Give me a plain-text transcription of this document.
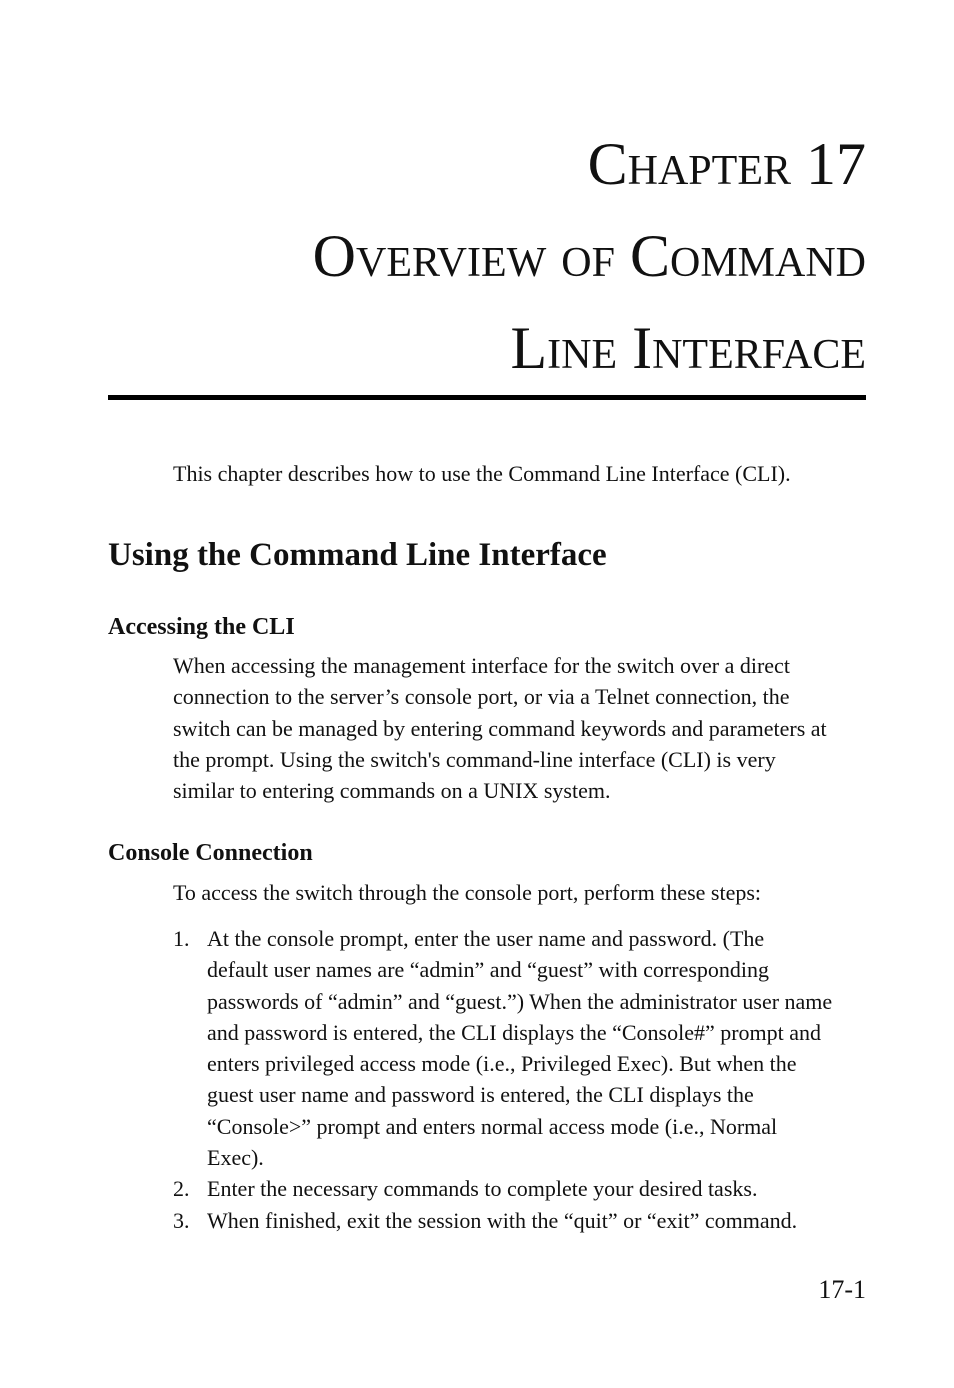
Chapter 17
Overview of Command
Line Interface

This chapter describes how to use the Command Line Interface (CLI).

Using the Command Line Interface
Accessing the CLI

When accessing the management interface for the switch over a direct
connection to the server’s console port, or via a Telnet connection, the
switch can be managed by entering command keywords and parameters at
the prompt. Using the switch's command-line interface (CLI) is very
similar to entering commands on a UNIX system.

Console Connection

To access the switch through the console port, perform these steps:

1. At the console prompt, enter the user name and password. (The
default user names are “admin” and “guest” with corresponding
passwords of “admin” and “guest.”) When the administrator user name
and password is entered, the CLI displays the “Console#” prompt and
enters privileged access mode (i.e., Privileged Exec). But when the
guest user name and password is entered, the CLI displays the
“Console>” prompt and enters normal access mode (i.e., Normal
Exec).
2. Enter the necessary commands to complete your desired tasks.
3. When finished, exit the session with the “quit” or “exit” command.

17-1
